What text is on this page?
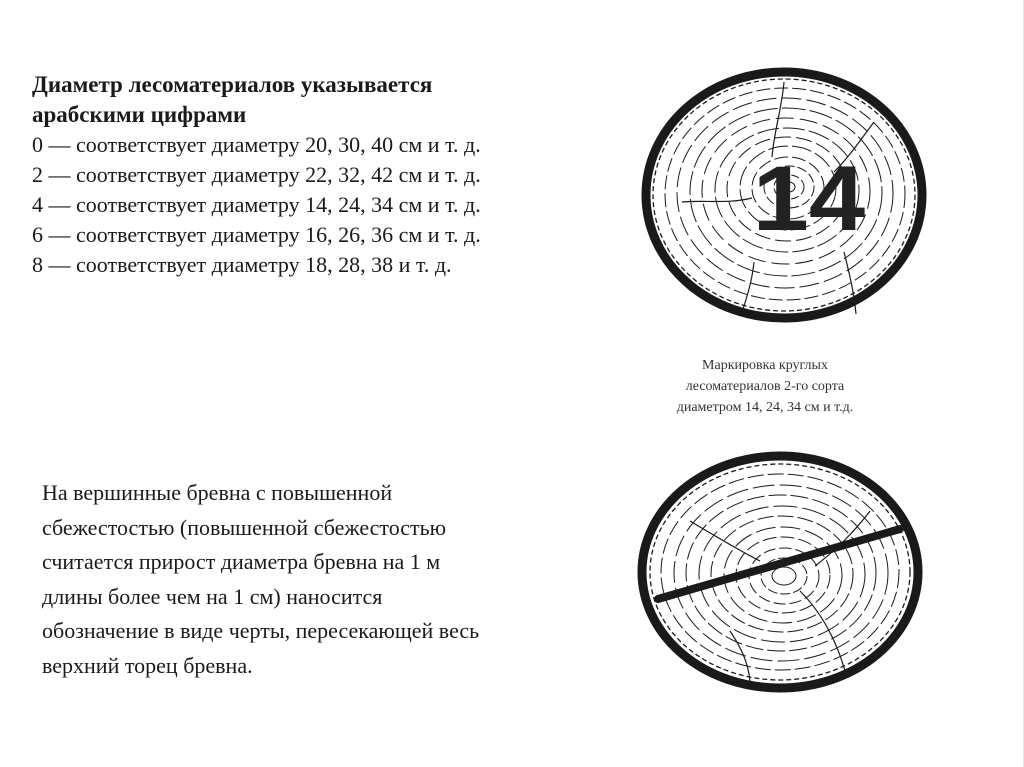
Диаметр лесоматериалов указывается

арабскими цифрами

0 — соответствует диаметру 20, 30, 40 см и т. д.

2 — соответствует диаметру 22, 32, 42 см и т. д.

4 — соответствует диаметру 14, 24, 34 см и т. д.

6 — соответствует диаметру 16, 26, 36 см и т. д.

8 — соответствует диаметру 18, 28, 38 и т. д.

14
Маркировка круглых
лесоматериалов 2-го сорта
диаметром 14, 24, 34 см и т.д.
На вершинные бревна с повышенной
сбежестостью (повышенной сбежестостью
считается прирост диаметра бревна на 1 м
длины более чем на 1 см) наносится
обозначение в виде черты, пересекающей весь
верхний торец бревна.
